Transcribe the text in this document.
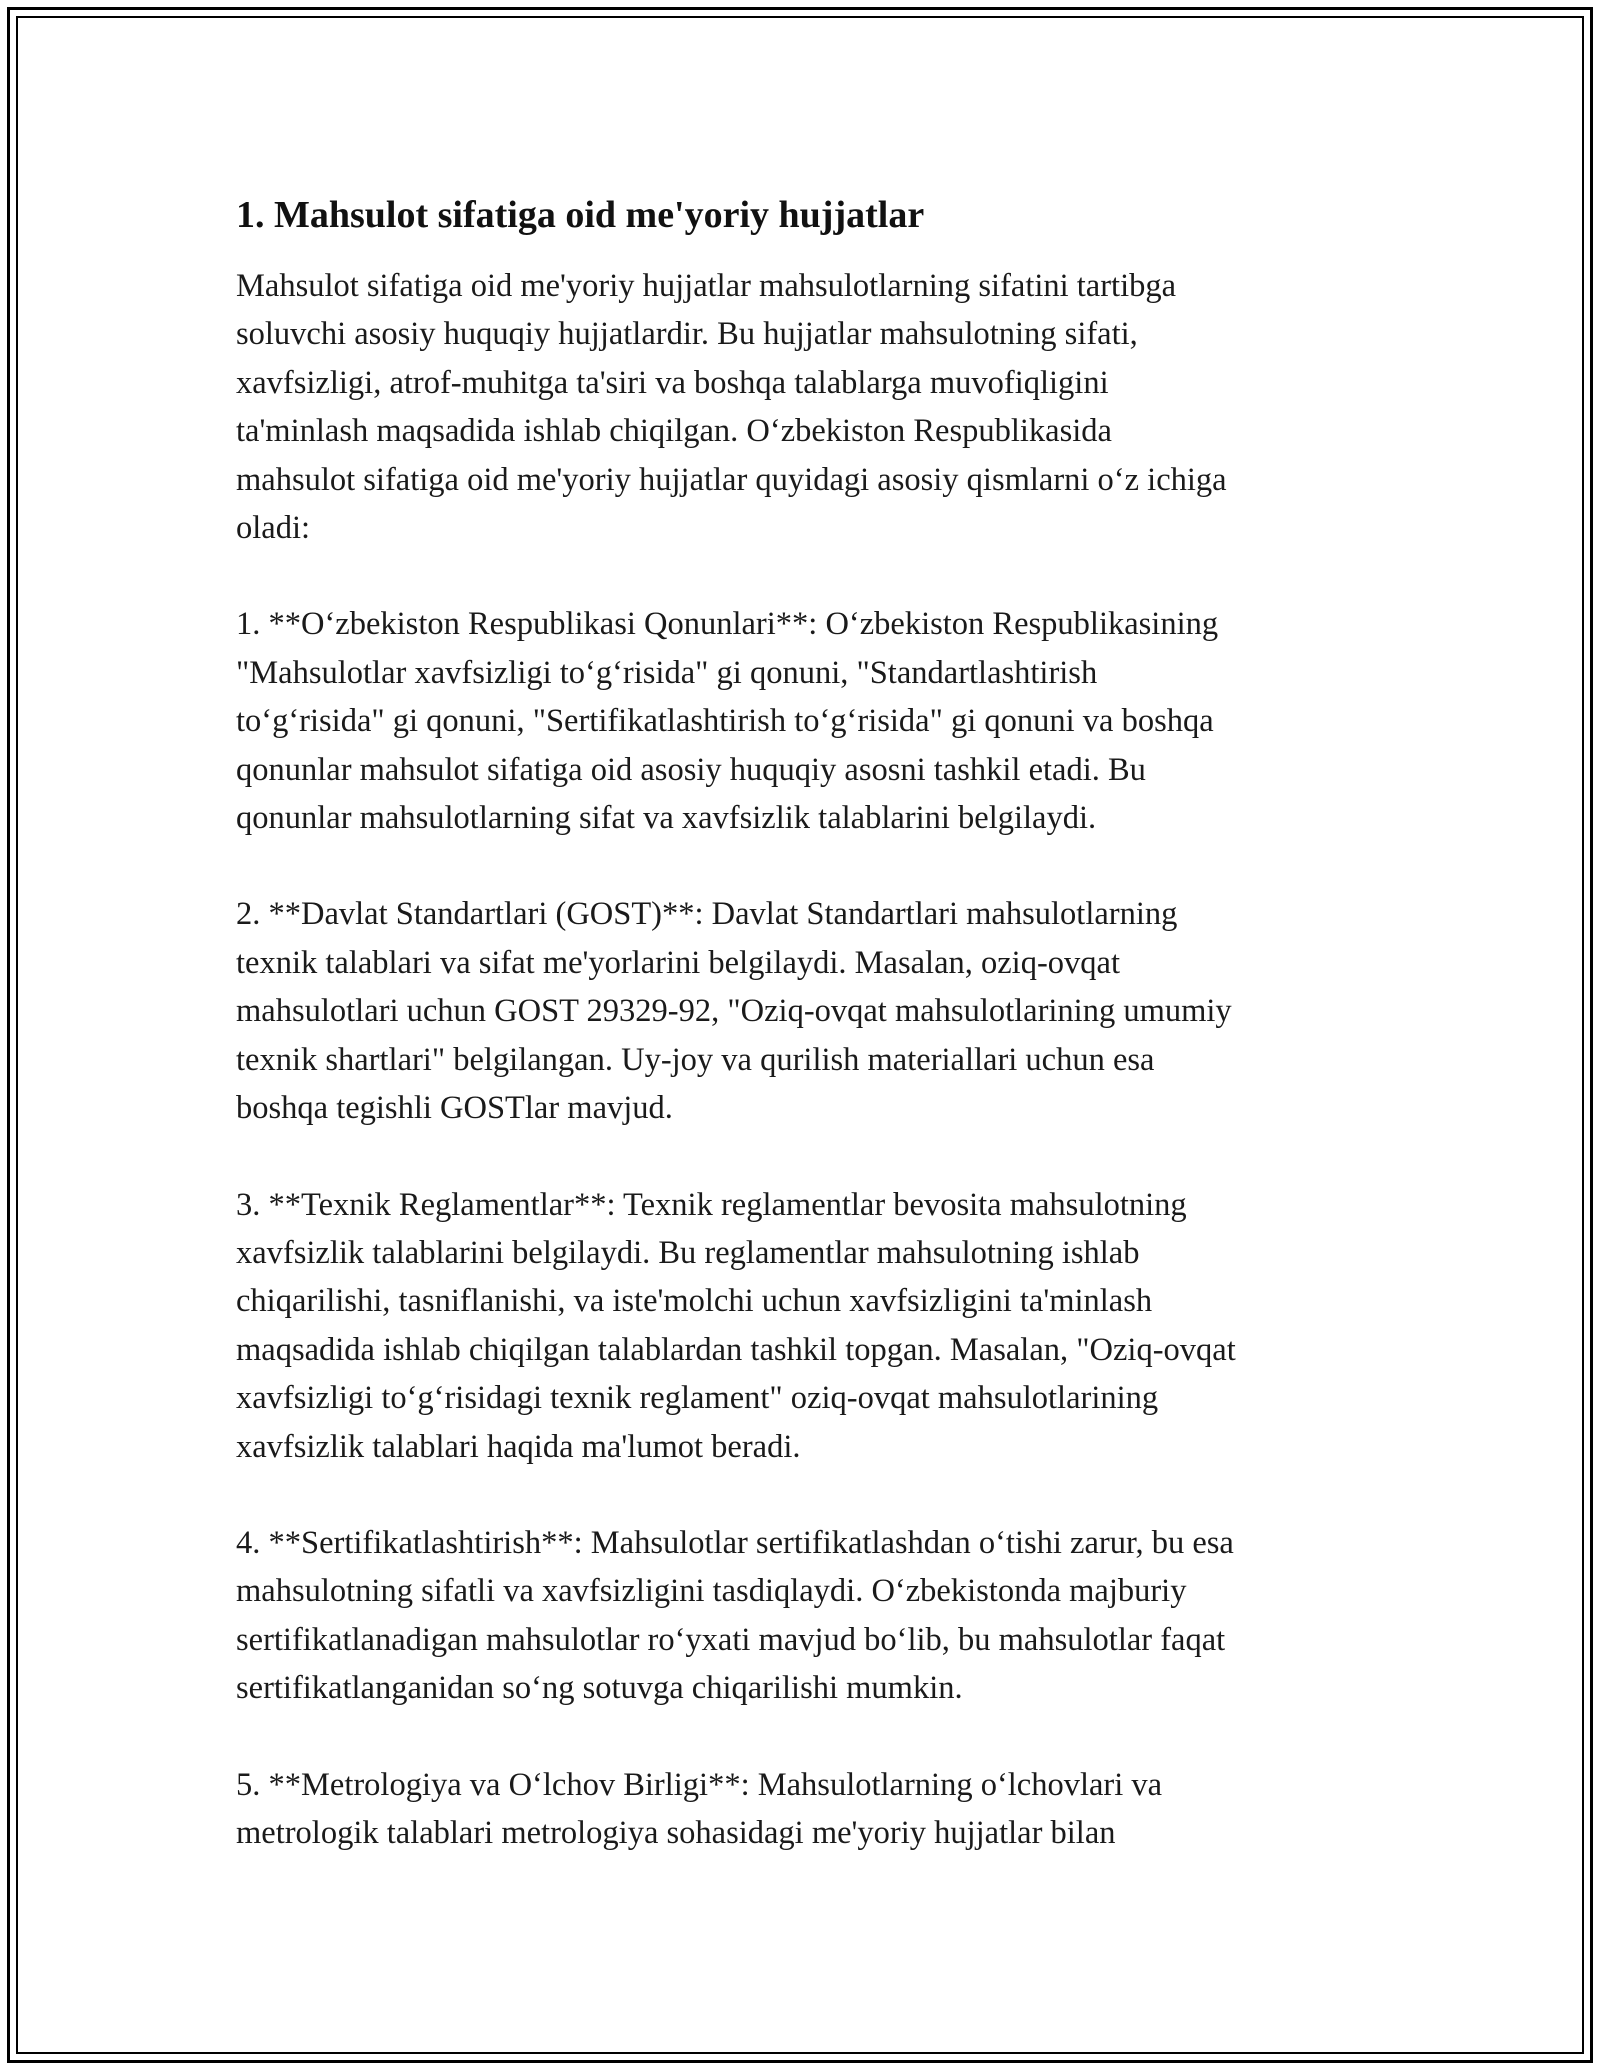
1. Mahsulot sifatiga oid me'yoriy hujjatlar

Mahsulot sifatiga oid me'yoriy hujjatlar mahsulotlarning sifatini tartibga
soluvchi asosiy huquqiy hujjatlardir. Bu hujjatlar mahsulotning sifati,
xavfsizligi, atrof-muhitga ta'siri va boshqa talablarga muvofiqligini
ta'minlash maqsadida ishlab chiqilgan. O‘zbekiston Respublikasida
mahsulot sifatiga oid me'yoriy hujjatlar quyidagi asosiy qismlarni o‘z ichiga
oladi:

1. **O‘zbekiston Respublikasi Qonunlari**: O‘zbekiston Respublikasining
"Mahsulotlar xavfsizligi to‘g‘risida" gi qonuni, "Standartlashtirish
to‘g‘risida" gi qonuni, "Sertifikatlashtirish to‘g‘risida" gi qonuni va boshqa
qonunlar mahsulot sifatiga oid asosiy huquqiy asosni tashkil etadi. Bu
qonunlar mahsulotlarning sifat va xavfsizlik talablarini belgilaydi.

2. **Davlat Standartlari (GOST)**: Davlat Standartlari mahsulotlarning
texnik talablari va sifat me'yorlarini belgilaydi. Masalan, oziq-ovqat
mahsulotlari uchun GOST 29329-92, "Oziq-ovqat mahsulotlarining umumiy
texnik shartlari" belgilangan. Uy-joy va qurilish materiallari uchun esa
boshqa tegishli GOSTlar mavjud.

3. **Texnik Reglamentlar**: Texnik reglamentlar bevosita mahsulotning
xavfsizlik talablarini belgilaydi. Bu reglamentlar mahsulotning ishlab
chiqarilishi, tasniflanishi, va iste'molchi uchun xavfsizligini ta'minlash
maqsadida ishlab chiqilgan talablardan tashkil topgan. Masalan, "Oziq-ovqat
xavfsizligi to‘g‘risidagi texnik reglament" oziq-ovqat mahsulotlarining
xavfsizlik talablari haqida ma'lumot beradi.

4. **Sertifikatlashtirish**: Mahsulotlar sertifikatlashdan o‘tishi zarur, bu esa
mahsulotning sifatli va xavfsizligini tasdiqlaydi. O‘zbekistonda majburiy
sertifikatlanadigan mahsulotlar ro‘yxati mavjud bo‘lib, bu mahsulotlar faqat
sertifikatlanganidan so‘ng sotuvga chiqarilishi mumkin.

5. **Metrologiya va O‘lchov Birligi**: Mahsulotlarning o‘lchovlari va
metrologik talablari metrologiya sohasidagi me'yoriy hujjatlar bilan
